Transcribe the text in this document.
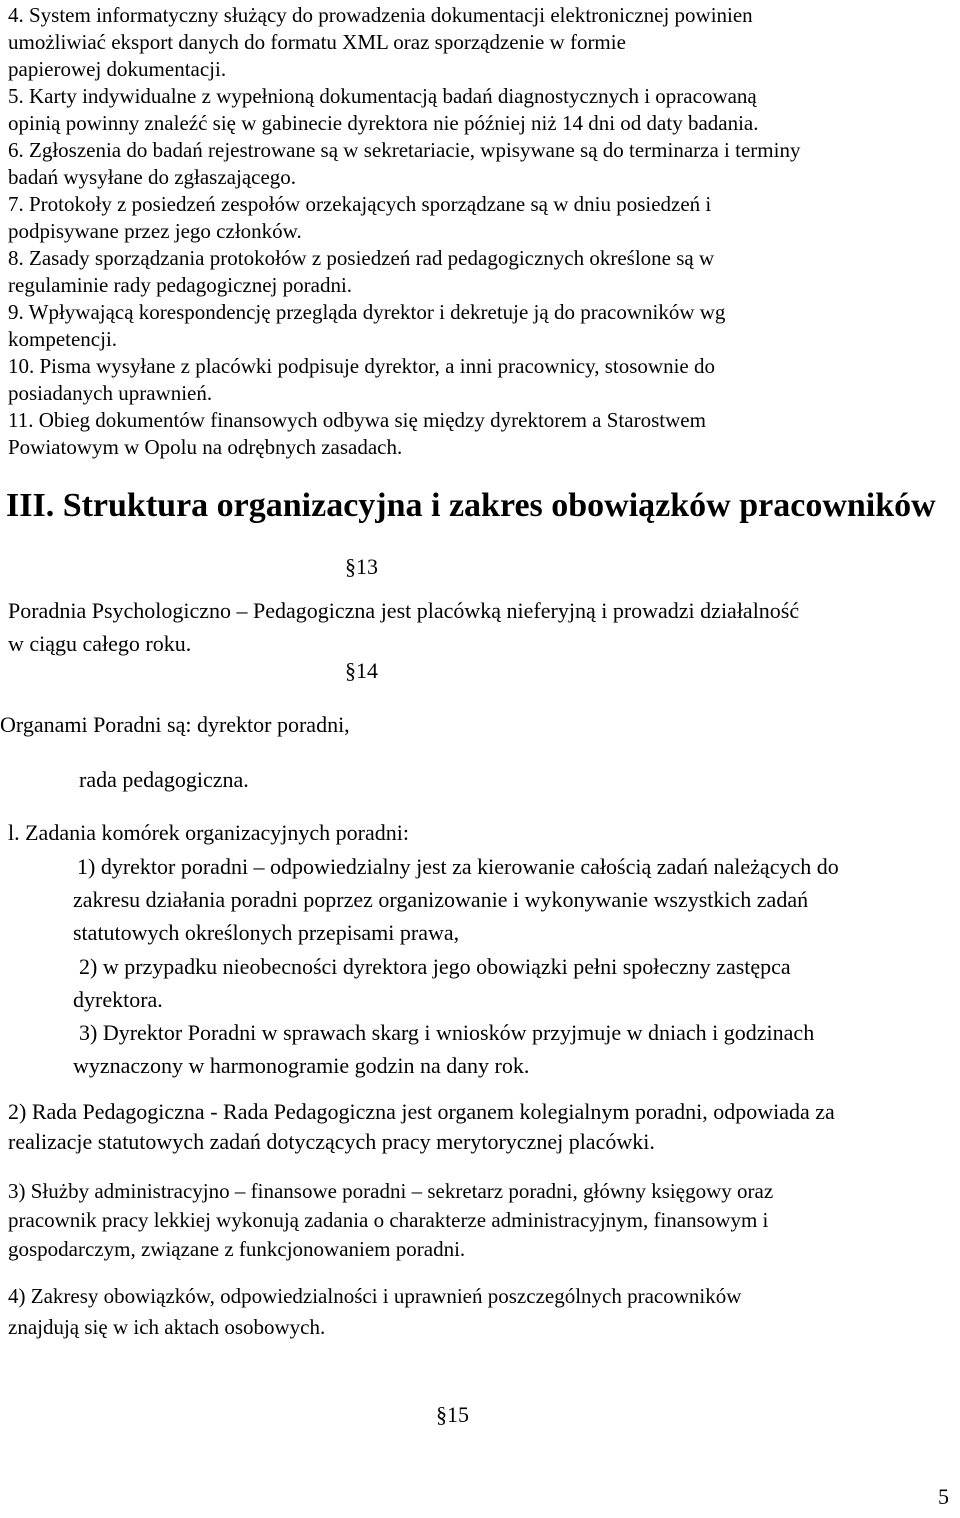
4. System informatyczny służący do prowadzenia dokumentacji elektronicznej powinien
umożliwiać eksport danych do formatu XML oraz sporządzenie w formie
papierowej dokumentacji.
5. Karty indywidualne z wypełnioną dokumentacją badań diagnostycznych i opracowaną
opinią powinny znaleźć się w gabinecie dyrektora nie później niż 14 dni od daty badania.
6. Zgłoszenia do badań rejestrowane są w sekretariacie, wpisywane są do terminarza i terminy
badań wysyłane do zgłaszającego.
7. Protokoły z posiedzeń zespołów orzekających sporządzane są w dniu posiedzeń i
podpisywane przez jego członków.
8. Zasady sporządzania protokołów z posiedzeń rad pedagogicznych określone są w
regulaminie rady pedagogicznej poradni.
9. Wpływającą korespondencję przegląda dyrektor i dekretuje ją do pracowników wg
kompetencji.
10. Pisma wysyłane z placówki podpisuje dyrektor, a inni pracownicy, stosownie do
posiadanych uprawnień.
11. Obieg dokumentów finansowych odbywa się między dyrektorem a Starostwem
Powiatowym w Opolu na odrębnych zasadach.
III. Struktura organizacyjna i zakres obowiązków pracowników
§13
Poradnia Psychologiczno – Pedagogiczna jest placówką nieferyjną i prowadzi działalność
w ciągu całego roku.
§14
Organami Poradni są: dyrektor poradni,
rada pedagogiczna.
l. Zadania komórek organizacyjnych poradni:
1) dyrektor poradni – odpowiedzialny jest za kierowanie całością zadań należących do
zakresu działania poradni poprzez organizowanie i wykonywanie wszystkich zadań
statutowych określonych przepisami prawa,
2) w przypadku nieobecności dyrektora jego obowiązki pełni społeczny zastępca
dyrektora.
3) Dyrektor Poradni w sprawach skarg i wniosków przyjmuje w dniach i godzinach
wyznaczony w harmonogramie godzin na dany rok.
2) Rada Pedagogiczna - Rada Pedagogiczna jest organem kolegialnym poradni, odpowiada za
realizacje statutowych zadań dotyczących pracy merytorycznej placówki.
3) Służby administracyjno – finansowe poradni – sekretarz poradni, główny księgowy oraz
pracownik pracy lekkiej wykonują zadania o charakterze administracyjnym, finansowym i
gospodarczym, związane z funkcjonowaniem poradni.
4) Zakresy obowiązków, odpowiedzialności i uprawnień poszczególnych pracowników
znajdują się w ich aktach osobowych.
§15
5
